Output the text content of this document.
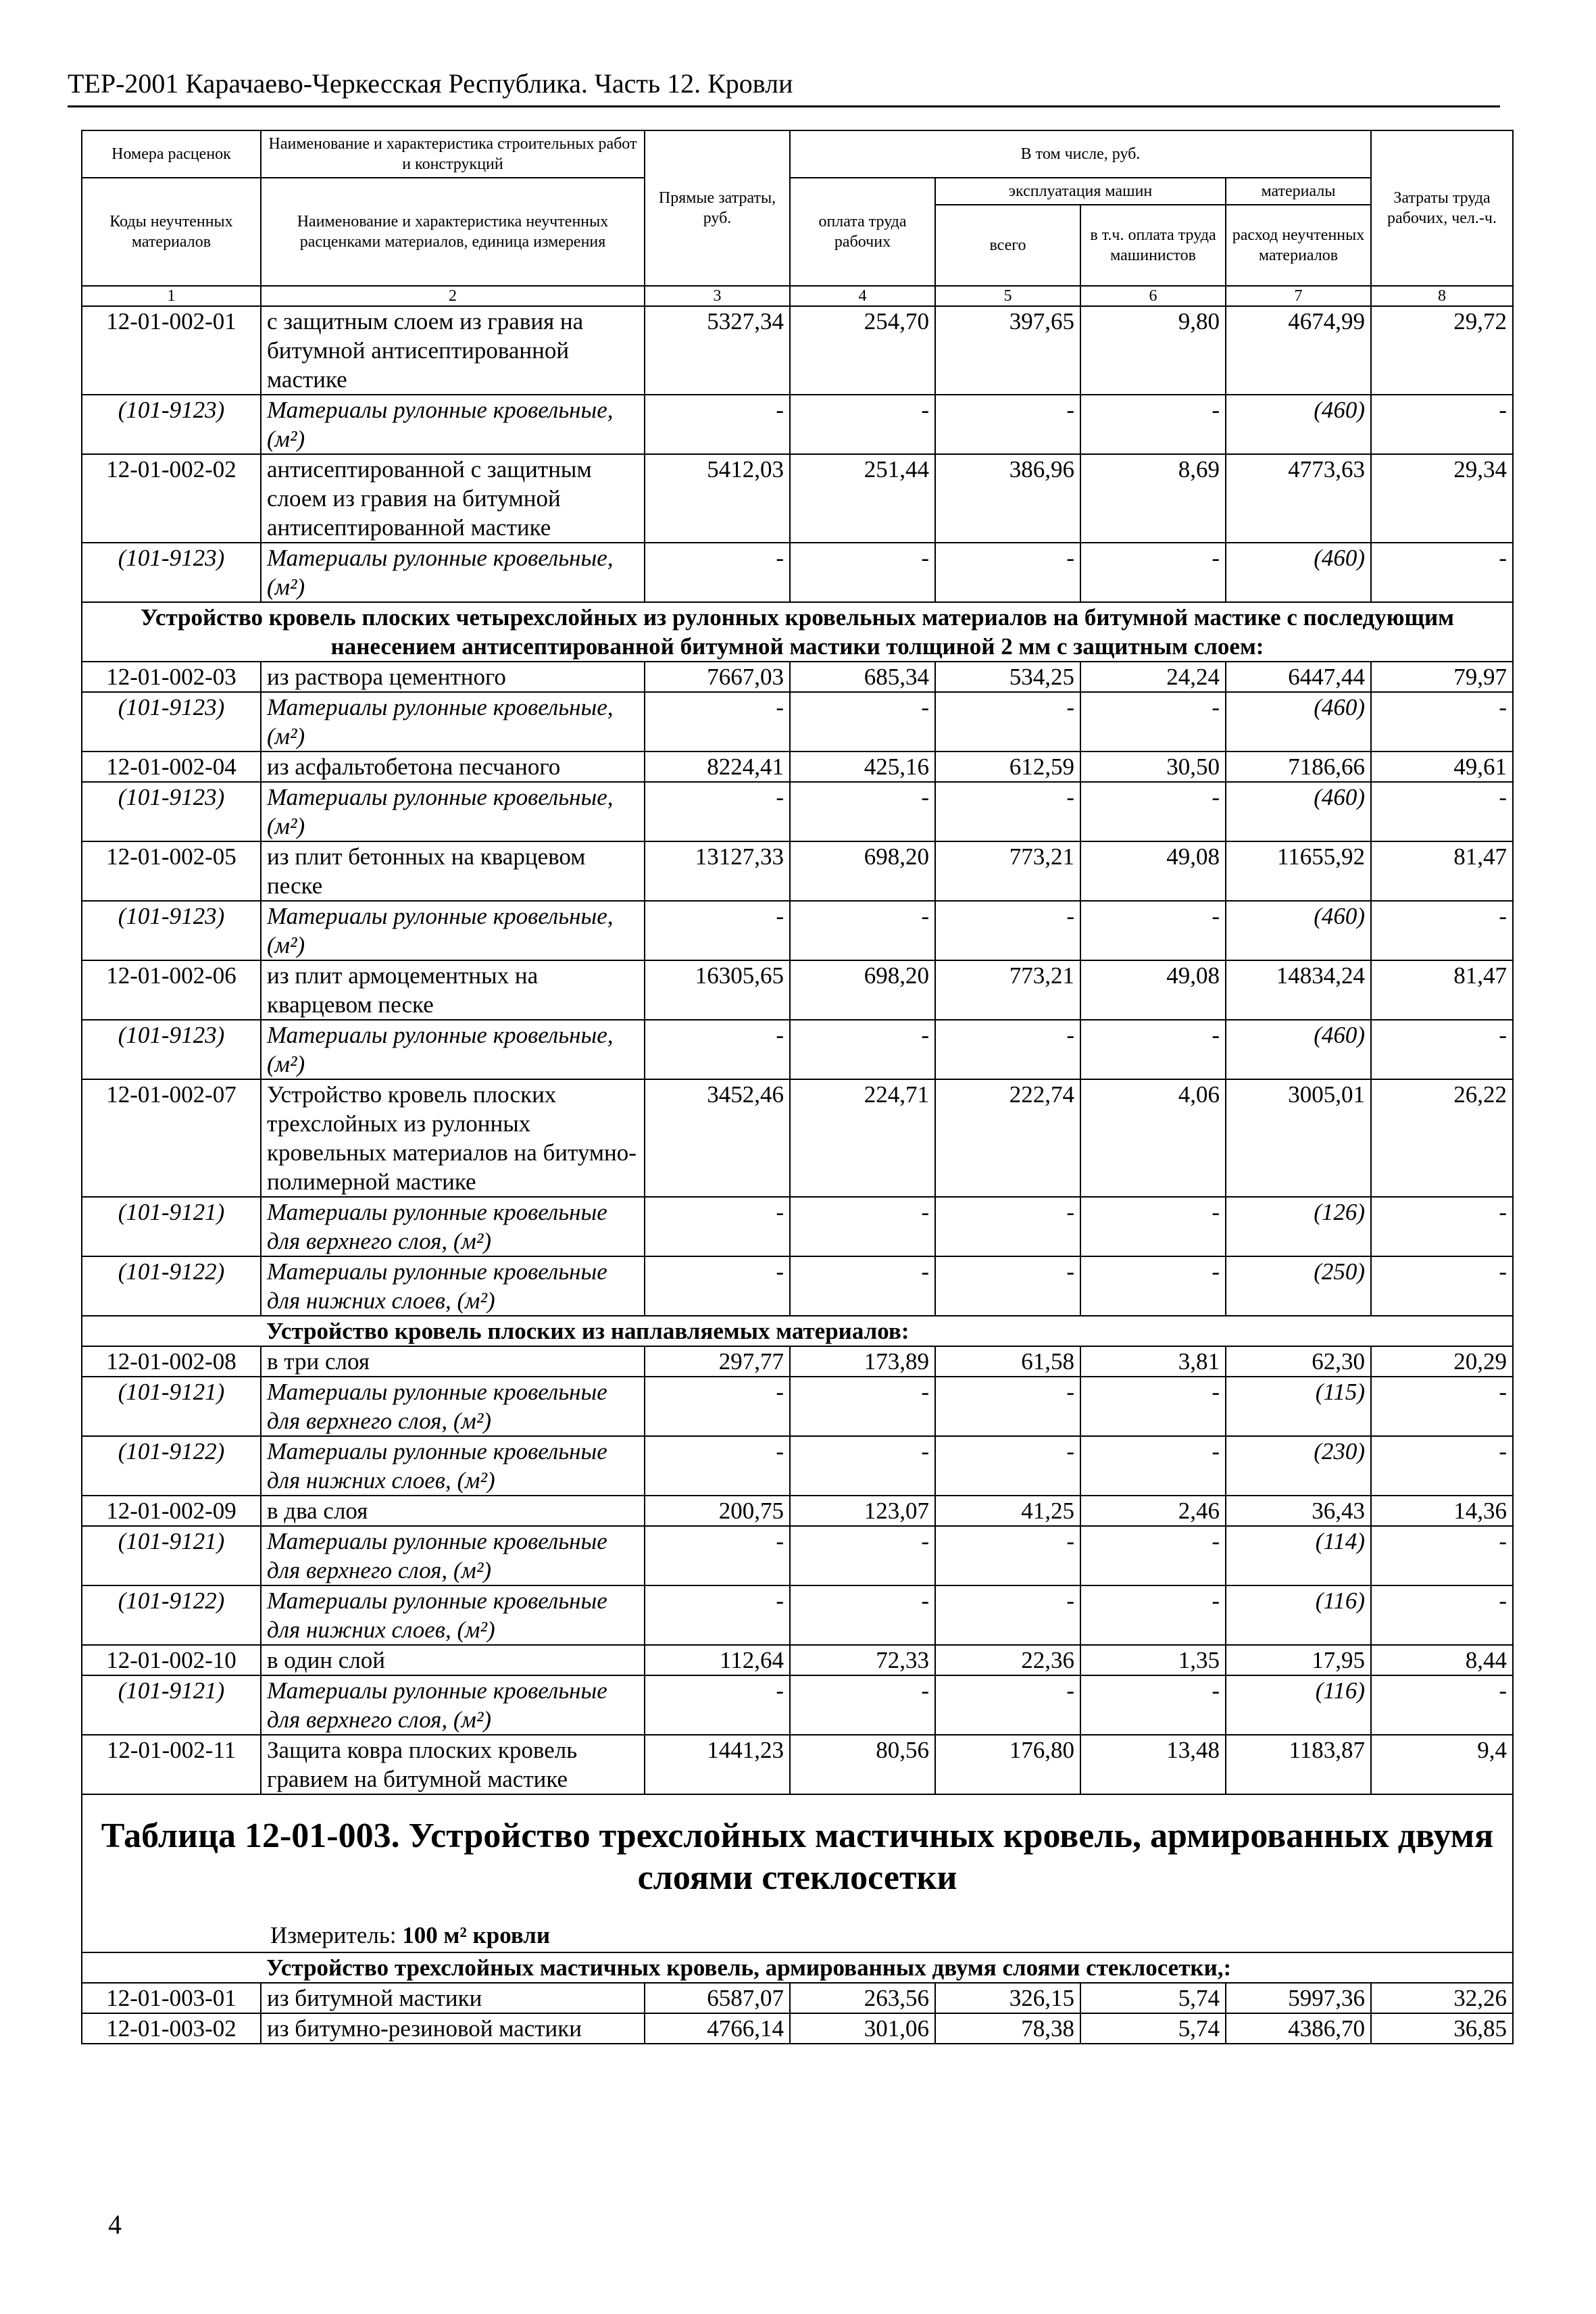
ТЕР-2001 Карачаево-Черкесская Республика. Часть 12. Кровли
Номера расценок	Наименование и характеристика строительных работ и конструкций	Прямые затраты, руб.	В том числе, руб.				Затраты труда рабочих, чел.-ч.
Коды неучтенных материалов	Наименование и характеристика неучтенных расценками материалов, единица измерения		оплата труда рабочих	эксплуатация машин		материалы	
				всего	в т.ч. оплата труда машинистов	расход неучтенных материалов	
1	2	3	4	5	6	7	8
12-01-002-01	с защитным слоем из гравия на битумной антисептированной мастике	5327,34	254,70	397,65	9,80	4674,99	29,72
(101-9123)	Материалы рулонные кровельные, (м²)	-	-	-	-	(460)	-
12-01-002-02	антисептированной с защитным слоем из гравия на битумной антисептированной мастике	5412,03	251,44	386,96	8,69	4773,63	29,34
(101-9123)	Материалы рулонные кровельные, (м²)	-	-	-	-	(460)	-
Устройство кровель плоских четырехслойных из рулонных кровельных материалов на битумной мастике с последующим нанесением антисептированной битумной мастики толщиной 2 мм с защитным слоем:							
12-01-002-03	из раствора цементного	7667,03	685,34	534,25	24,24	6447,44	79,97
(101-9123)	Материалы рулонные кровельные, (м²)	-	-	-	-	(460)	-
12-01-002-04	из асфальтобетона песчаного	8224,41	425,16	612,59	30,50	7186,66	49,61
(101-9123)	Материалы рулонные кровельные, (м²)	-	-	-	-	(460)	-
12-01-002-05	из плит бетонных на кварцевом песке	13127,33	698,20	773,21	49,08	11655,92	81,47
(101-9123)	Материалы рулонные кровельные, (м²)	-	-	-	-	(460)	-
12-01-002-06	из плит армоцементных на кварцевом песке	16305,65	698,20	773,21	49,08	14834,24	81,47
(101-9123)	Материалы рулонные кровельные, (м²)	-	-	-	-	(460)	-
12-01-002-07	Устройство кровель плоских трехслойных из рулонных кровельных материалов на битумно-полимерной мастике	3452,46	224,71	222,74	4,06	3005,01	26,22
(101-9121)	Материалы рулонные кровельные для верхнего слоя, (м²)	-	-	-	-	(126)	-
(101-9122)	Материалы рулонные кровельные для нижних слоев, (м²)	-	-	-	-	(250)	-
	Устройство кровель плоских из наплавляемых материалов:						
12-01-002-08	в три слоя	297,77	173,89	61,58	3,81	62,30	20,29
(101-9121)	Материалы рулонные кровельные для верхнего слоя, (м²)	-	-	-	-	(115)	-
(101-9122)	Материалы рулонные кровельные для нижних слоев, (м²)	-	-	-	-	(230)	-
12-01-002-09	в два слоя	200,75	123,07	41,25	2,46	36,43	14,36
(101-9121)	Материалы рулонные кровельные для верхнего слоя, (м²)	-	-	-	-	(114)	-
(101-9122)	Материалы рулонные кровельные для нижних слоев, (м²)	-	-	-	-	(116)	-
12-01-002-10	в один слой	112,64	72,33	22,36	1,35	17,95	8,44
(101-9121)	Материалы рулонные кровельные для верхнего слоя, (м²)	-	-	-	-	(116)	-
12-01-002-11	Защита ковра плоских кровель гравием на битумной мастике	1441,23	80,56	176,80	13,48	1183,87	9,4

Таблица 12-01-003. Устройство трехслойных мастичных кровель, армированных двумя слоями стеклосетки
Измеритель: 100 м² кровли							

	Устройство трехслойных мастичных кровель, армированных двумя слоями стеклосетки,:						
12-01-003-01	из битумной мастики	6587,07	263,56	326,15	5,74	5997,36	32,26
12-01-003-02	из битумно-резиновой мастики	4766,14	301,06	78,38	5,74	4386,70	36,85
4
